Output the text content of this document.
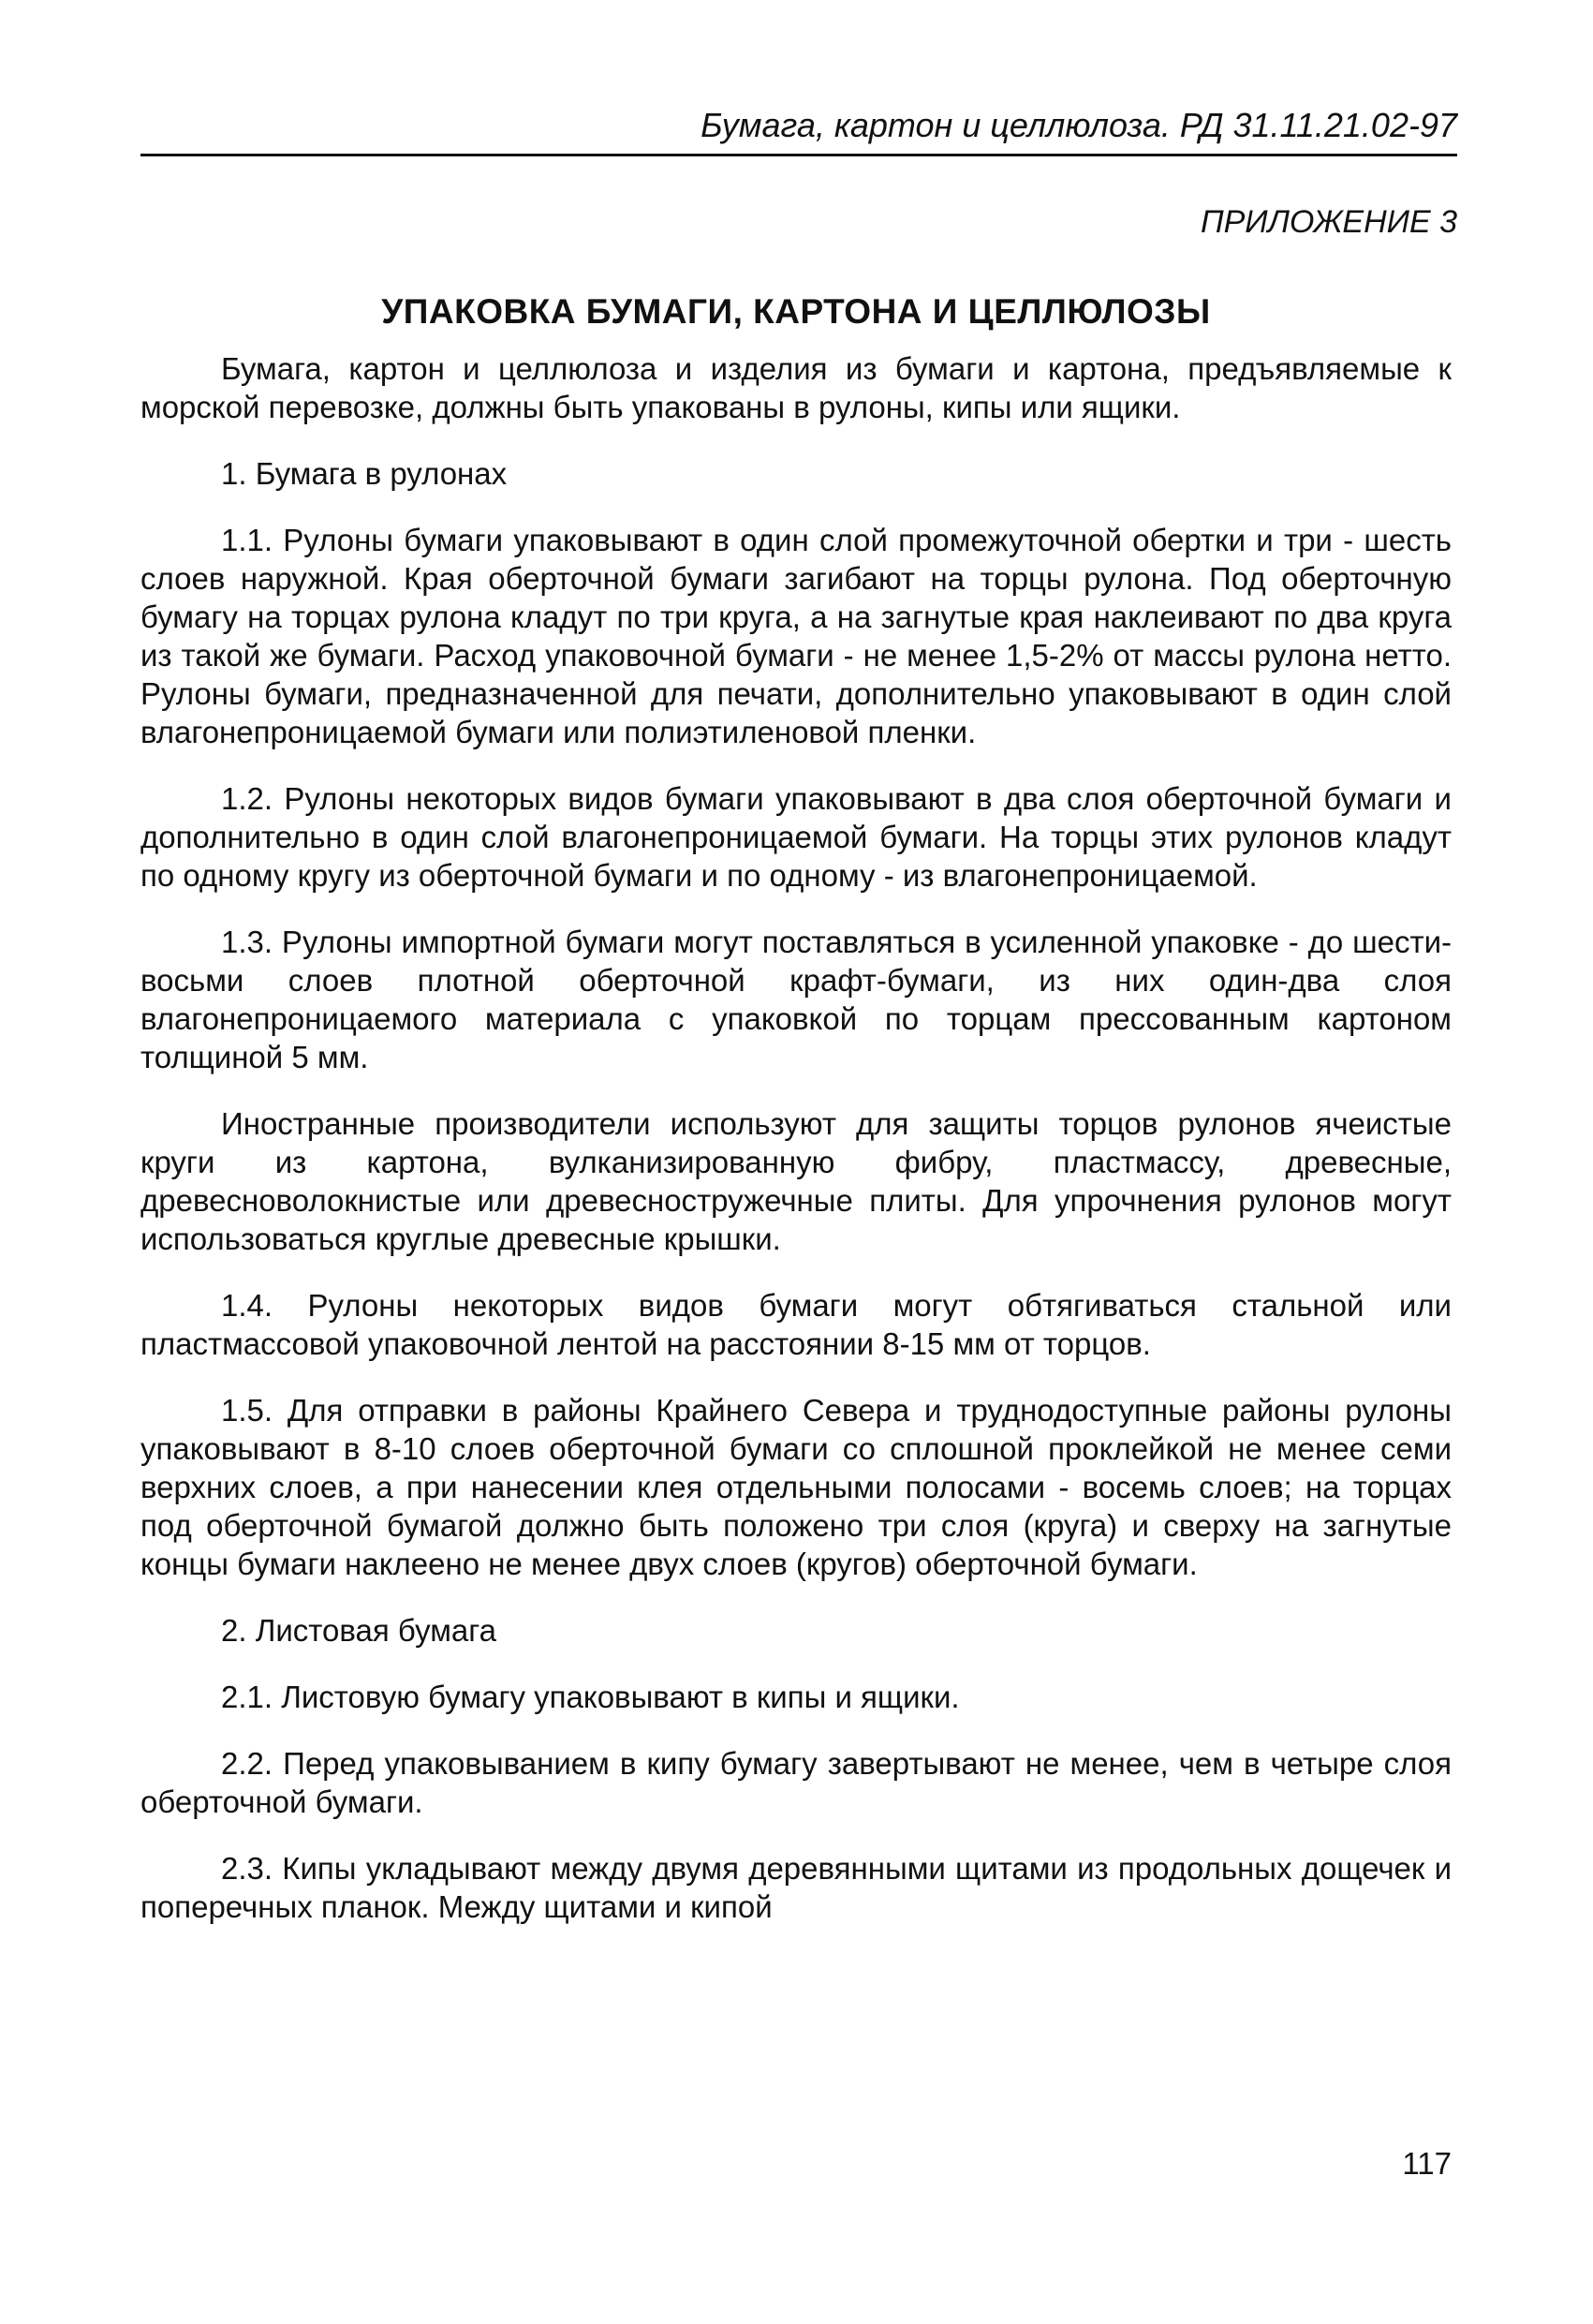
Бумага, картон и целлюлоза. РД 31.11.21.02-97
ПРИЛОЖЕНИЕ 3
УПАКОВКА БУМАГИ, КАРТОНА И ЦЕЛЛЮЛОЗЫ

Бумага, картон и целлюлоза и изделия из бумаги и картона, предъявляемые к морской перевозке, должны быть упакованы в рулоны, кипы или ящики.

1. Бумага в рулонах

1.1. Рулоны бумаги упаковывают в один слой промежуточной обертки и три - шесть слоев наружной. Края оберточной бумаги загибают на торцы рулона. Под оберточную бумагу на торцах рулона кладут по три круга, а на загнутые края наклеивают по два круга из такой же бумаги. Расход упаковочной бумаги - не менее 1,5-2% от массы рулона нетто. Рулоны бумаги, предназначенной для печати, дополнительно упаковывают в один слой влагонепроницаемой бумаги или полиэтиленовой пленки.

1.2. Рулоны некоторых видов бумаги упаковывают в два слоя оберточной бумаги и дополнительно в один слой влагонепроницаемой бумаги. На торцы этих рулонов кладут по одному кругу из оберточной бумаги и по одному - из влагонепроницаемой.

1.3. Рулоны импортной бумаги могут поставляться в усиленной упаковке - до шести-восьми слоев плотной оберточной крафт-бумаги, из них один-два слоя влагонепроницаемого материала с упаковкой по торцам прессованным картоном толщиной 5 мм.

Иностранные производители используют для защиты торцов рулонов ячеистые круги из картона, вулканизированную фибру, пластмассу, древесные, древесноволокнистые или древесностружечные плиты. Для упрочнения рулонов могут использоваться круглые древесные крышки.

1.4. Рулоны некоторых видов бумаги могут обтягиваться стальной или пластмассовой упаковочной лентой на расстоянии 8-15 мм от торцов.

1.5. Для отправки в районы Крайнего Севера и труднодоступные районы рулоны упаковывают в 8-10 слоев оберточной бумаги со сплошной проклейкой не менее семи верхних слоев, а при нанесении клея отдельными полосами - восемь слоев; на торцах под оберточной бумагой должно быть положено три слоя (круга) и сверху на загнутые концы бумаги наклеено не менее двух слоев (кругов) оберточной бумаги.

2. Листовая бумага

2.1. Листовую бумагу упаковывают в кипы и ящики.

2.2. Перед упаковыванием в кипу бумагу завертывают не менее, чем в четыре слоя оберточной бумаги.

2.3. Кипы укладывают между двумя деревянными щитами из продольных дощечек и поперечных планок. Между щитами и кипой

117
